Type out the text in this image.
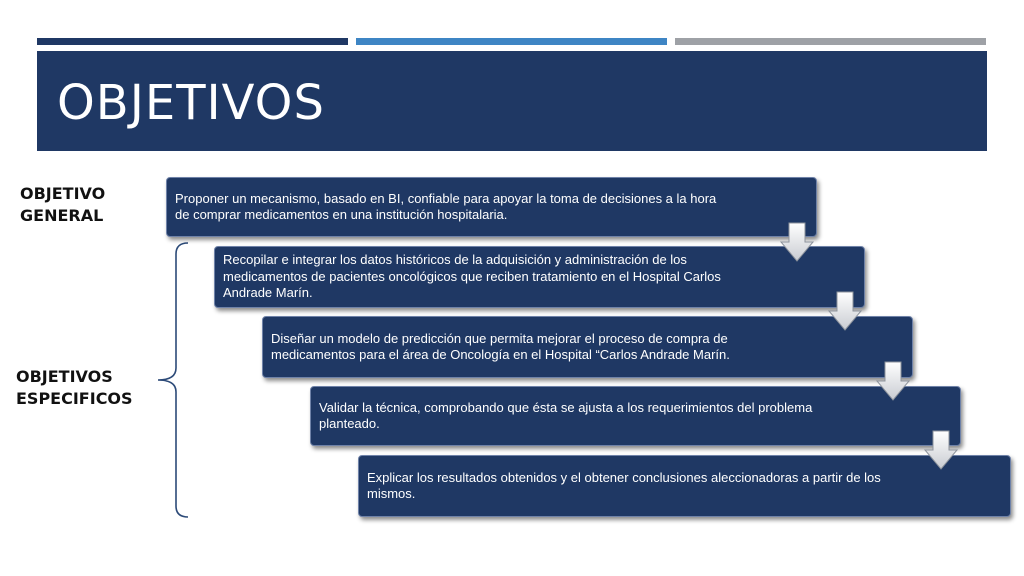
OBJETIVOS
OBJETIVO
GENERAL
OBJETIVOS
ESPECIFICOS
Proponer un mecanismo, basado en BI, confiable para apoyar la toma de decisiones a la hora
de comprar medicamentos en una institución hospitalaria.
Recopilar e integrar los datos históricos de la adquisición y administración de los
medicamentos de pacientes oncológicos que reciben tratamiento en el Hospital Carlos
Andrade Marín.
Diseñar un modelo de predicción que permita mejorar el proceso de compra de
medicamentos para el área de Oncología en el Hospital “Carlos Andrade Marín.
Validar la técnica, comprobando que ésta se ajusta a los requerimientos del problema
planteado.
Explicar los resultados obtenidos y el obtener conclusiones aleccionadoras a partir de los
mismos.
